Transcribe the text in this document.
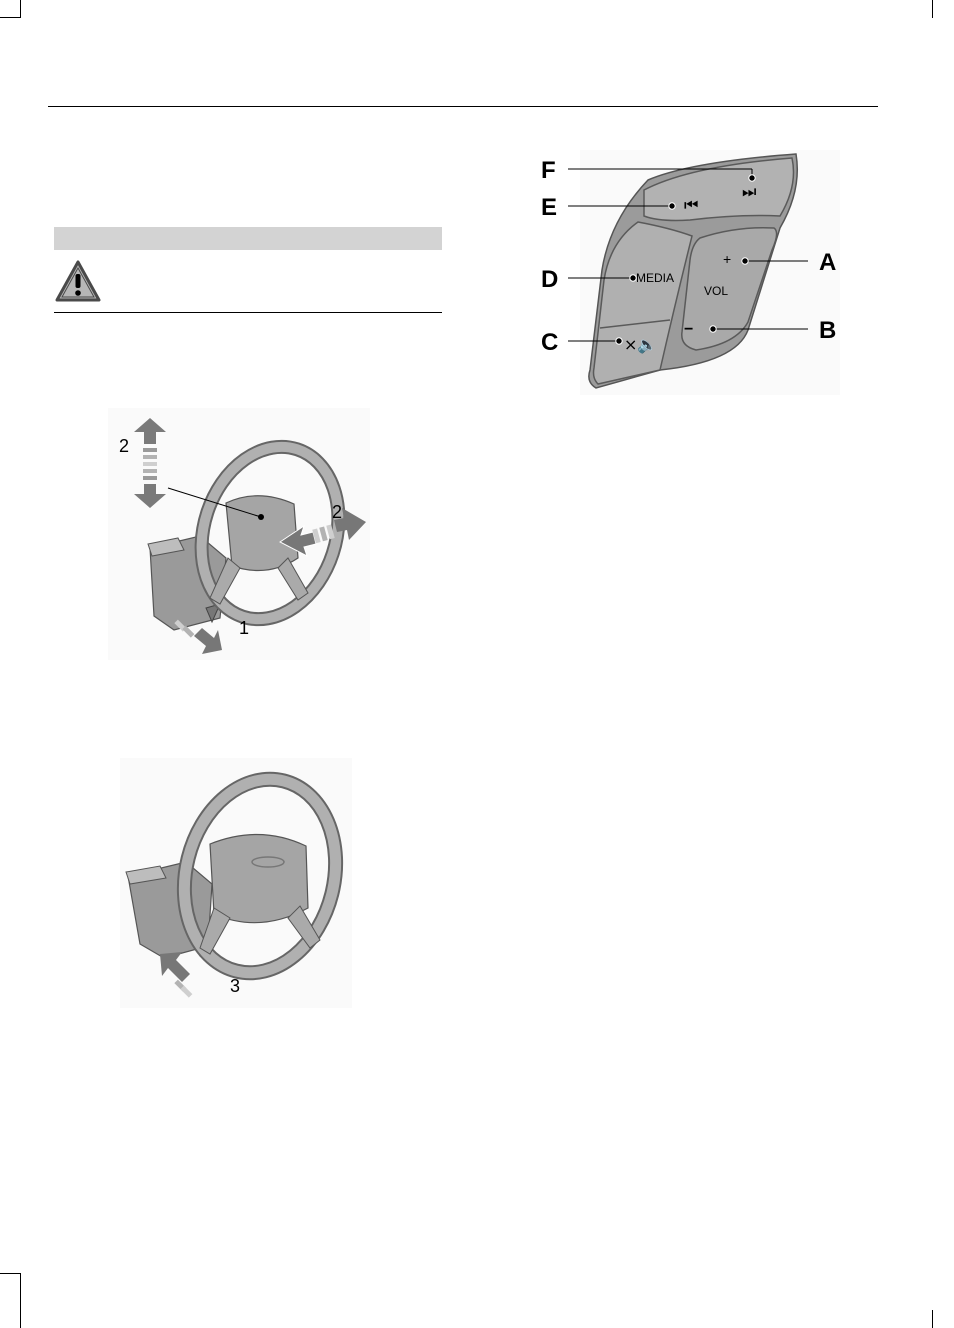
2
2
1
3
⏮
⏭
×🔈
MEDIA
VOL
+
−
F
E
D
C
A
B
